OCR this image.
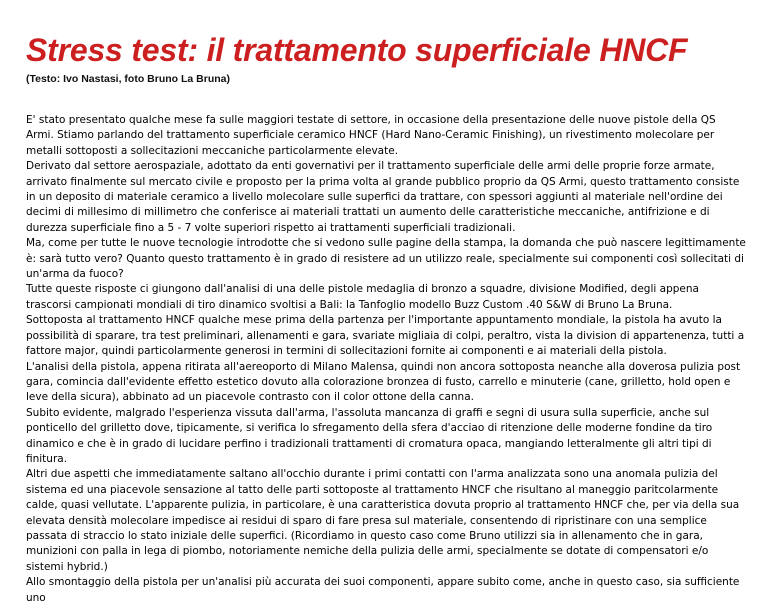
Stress test: il trattamento superficiale HNCF
(Testo: Ivo Nastasi, foto Bruno La Bruna)

E' stato presentato qualche mese fa sulle maggiori testate di settore, in occasione della presentazione delle nuove pistole della QS Armi. Stiamo parlando del trattamento superficiale ceramico HNCF (Hard Nano-Ceramic Finishing), un rivestimento molecolare per metalli sottoposti a sollecitazioni meccaniche particolarmente elevate.

Derivato dal settore aerospaziale, adottato da enti governativi per il trattamento superficiale delle armi delle proprie forze armate, arrivato finalmente sul mercato civile e proposto per la prima volta al grande pubblico proprio da QS Armi, questo trattamento consiste in un deposito di materiale ceramico a livello molecolare sulle superfici da trattare, con spessori aggiunti al materiale nell'ordine dei decimi di millesimo di millimetro che conferisce ai materiali trattati un aumento delle caratteristiche meccaniche, antifrizione e di durezza superficiale fino a 5 - 7 volte superiori rispetto ai trattamenti superficiali tradizionali.

Ma, come per tutte le nuove tecnologie introdotte che si vedono sulle pagine della stampa, la domanda che può nascere legittimamente è: sarà tutto vero? Quanto questo trattamento è in grado di resistere ad un utilizzo reale, specialmente sui componenti così sollecitati di un'arma da fuoco?

Tutte queste risposte ci giungono dall'analisi di una delle pistole medaglia di bronzo a squadre, divisione Modified, degli appena trascorsi campionati mondiali di tiro dinamico svoltisi a Bali: la Tanfoglio modello Buzz Custom .40 S&W di Bruno La Bruna.

Sottoposta al trattamento HNCF qualche mese prima della partenza per l'importante appuntamento mondiale, la pistola ha avuto la possibilità di sparare, tra test preliminari, allenamenti e gara, svariate migliaia di colpi, peraltro, vista la division di appartenenza, tutti a fattore major, quindi particolarmente generosi in termini di sollecitazioni fornite ai componenti e ai materiali della pistola.

L'analisi della pistola, appena ritirata all'aereoporto di Milano Malensa, quindi non ancora sottoposta neanche alla doverosa pulizia post gara, comincia dall'evidente effetto estetico dovuto alla colorazione bronzea di fusto, carrello e minuterie (cane, grilletto, hold open e leve della sicura), abbinato ad un piacevole contrasto con il color ottone della canna.

Subito evidente, malgrado l'esperienza vissuta dall'arma, l'assoluta mancanza di graffi e segni di usura sulla superficie, anche sul ponticello del grilletto dove, tipicamente, si verifica lo sfregamento della sfera d'acciao di ritenzione delle moderne fondine da tiro dinamico e che è in grado di lucidare perfino i tradizionali trattamenti di cromatura opaca, mangiando letteralmente gli altri tipi di finitura.

Altri due aspetti che immediatamente saltano all'occhio durante i primi contatti con l'arma analizzata sono una anomala pulizia del sistema ed una piacevole sensazione al tatto delle parti sottoposte al trattamento HNCF che risultano al maneggio paritcolarmente calde, quasi vellutate. L'apparente pulizia, in particolare, è una caratteristica dovuta proprio al trattamento HNCF che, per via della sua elevata densità molecolare impedisce ai residui di sparo di fare presa sul materiale, consentendo di ripristinare con una semplice passata di straccio lo stato iniziale delle superfici. (Ricordiamo in questo caso come Bruno utilizzi sia in allenamento che in gara, munizioni con palla in lega di piombo, notoriamente nemiche della pulizia delle armi, specialmente se dotate di compensatori e/o sistemi hybrid.)

Allo smontaggio della pistola per un'analisi più accurata dei suoi componenti, appare subito come, anche in questo caso, sia sufficiente uno
